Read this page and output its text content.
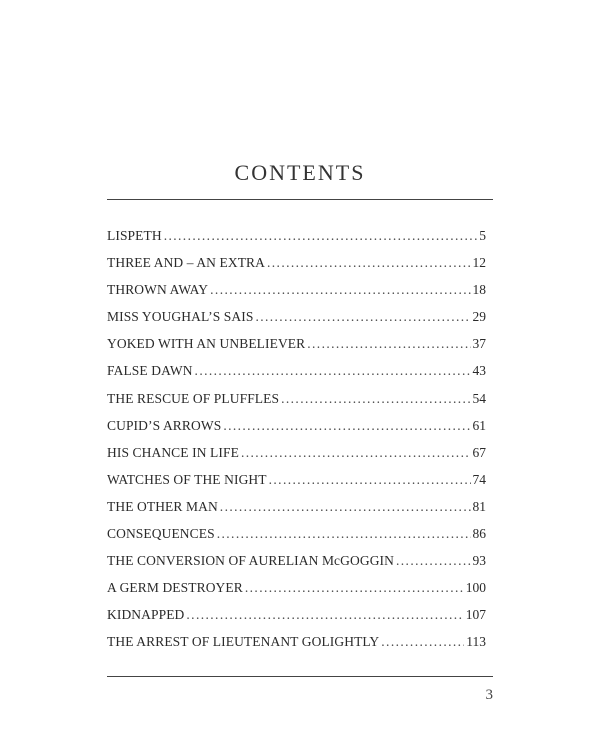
CONTENTS
LISPETH .....	5
THREE AND – AN EXTRA .....	12
THROWN AWAY .....	18
MISS YOUGHAL’S SAIS .....	29
YOKED WITH AN UNBELIEVER .....	37
FALSE DAWN .....	43
THE RESCUE OF PLUFFLES .....	54
CUPID’S ARROWS .....	61
HIS CHANCE IN LIFE .....	67
WATCHES OF THE NIGHT .....	74
THE OTHER MAN .....	81
CONSEQUENCES .....	86
THE CONVERSION OF AURELIAN McGOGGIN .....	93
A GERM DESTROYER .....	100
KIDNAPPED .....	107
THE ARREST OF LIEUTENANT GOLIGHTLY .....	113
3
